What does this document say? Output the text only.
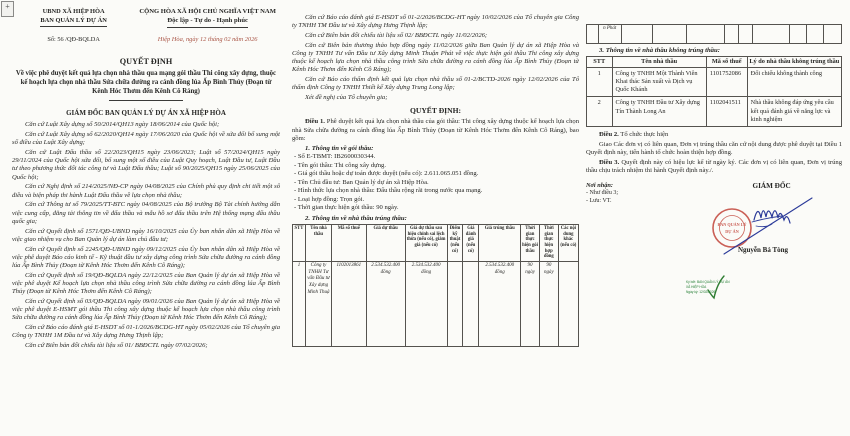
+
UBND XÃ HIỆP HÒA
BAN QUẢN LÝ DỰ ÁN
Số: 56 /QĐ-BQLDA
CỘNG HÒA XÃ HỘI CHỦ NGHĨA VIỆT NAM
Độc lập - Tự do - Hạnh phúc
Hiệp Hòa, ngày 12 tháng 02 năm 2026
QUYẾT ĐỊNH
Về việc phê duyệt kết quả lựa chọn nhà thầu qua mạng gói thầu Thi công xây dựng, thuộc kế hoạch lựa chọn nhà thầu Sửa chữa đường ra cánh đồng lúa Ấp Bình Thủy (Đoạn từ Kênh Hóc Thơm đến Kênh Cô Ráng)
GIÁM ĐỐC BAN QUẢN LÝ DỰ ÁN XÃ HIỆP HÒA

Căn cứ Luật Xây dựng số 50/2014/QH13 ngày 18/06/2014 của Quốc hội;

Căn cứ Luật Xây dựng số 62/2020/QH14 ngày 17/06/2020 của Quốc hội về sửa đổi bổ sung một số điều của Luật Xây dựng;

Căn cứ Luật Đấu thầu số 22/2023/QH15 ngày 23/06/2023; Luật số 57/2024/QH15 ngày 29/11/2024 của Quốc hội sửa đổi, bổ sung một số điều của Luật Quy hoạch, Luật Đầu tư, Luật Đầu tư theo phương thức đối tác công tư và Luật Đấu thầu; Luật số 90/2025/QH15 ngày 25/06/2025 của Quốc hội;

Căn cứ Nghị định số 214/2025/NĐ-CP ngày 04/08/2025 của Chính phủ quy định chi tiết một số điều và biện pháp thi hành Luật Đấu thầu về lựa chọn nhà thầu;

Căn cứ Thông tư số 79/2025/TT-BTC ngày 04/08/2025 của Bộ trưởng Bộ Tài chính hướng dẫn việc cung cấp, đăng tải thông tin về đấu thầu và mẫu hồ sơ đấu thầu trên Hệ thống mạng đấu thầu quốc gia;

Căn cứ Quyết định số 1571/QĐ-UBND ngày 16/10/2025 của Ủy ban nhân dân xã Hiệp Hòa về việc giao nhiệm vụ cho Ban Quản lý dự án làm chủ đầu tư;

Căn cứ Quyết định số 2245/QĐ-UBND ngày 09/12/2025 của Ủy ban nhân dân xã Hiệp Hòa về việc phê duyệt Báo cáo kinh tế - Kỹ thuật đầu tư xây dựng công trình Sửa chữa đường ra cánh đồng lúa Ấp Bình Thủy (Đoạn từ Kênh Hóc Thơm đến Kênh Cô Ráng);

Căn cứ Quyết định số 19/QĐ-BQLDA ngày 22/12/2025 của Ban Quản lý dự án xã Hiệp Hòa về việc phê duyệt Kế hoạch lựa chọn nhà thầu công trình Sửa chữa đường ra cánh đồng lúa Ấp Bình Thủy (Đoạn từ Kênh Hóc Thơm đến Kênh Cô Ráng);

Căn cứ Quyết định số 03/QĐ-BQLDA ngày 09/01/2026 của Ban Quản lý dự án xã Hiệp Hòa về việc phê duyệt E-HSMT gói thầu Thi công xây dựng thuộc kế hoạch lựa chọn nhà thầu công trình Sửa chữa đường ra cánh đồng lúa Ấp Bình Thủy (Đoạn từ Kênh Hóc Thơm đến Kênh Cô Ráng);

Căn cứ Báo cáo đánh giá E-HSDT số 01-1/2026/BCDG-HT ngày 05/02/2026 của Tổ chuyên gia Công ty TNHH 1M Đầu tư và Xây dựng Hưng Thịnh lập;

Căn cứ Biên bản đối chiếu tài liệu số 01/ BBĐCTL ngày 07/02/2026;

Căn cứ Báo cáo đánh giá E-HSDT số 01-2/2026/BCDG-HT ngày 10/02/2026 của Tổ chuyên gia Công ty TNHH TM Đầu tư và Xây dựng Hưng Thịnh lập;

Căn cứ Biên bản đối chiếu tài liệu số 02/ BBĐCTL ngày 11/02/2026;

Căn cứ Biên bản thương thảo hợp đồng ngày 11/02/2026 giữa Ban Quản lý dự án xã Hiệp Hòa và Công ty TNHH Tư vấn Đầu tư Xây dựng Minh Thuận Phát về việc thực hiện gói thầu Thi công xây dựng thuộc kế hoạch lựa chọn nhà thầu công trình Sửa chữa đường ra cánh đồng lúa Ấp Bình Thủy (Đoạn từ Kênh Hóc Thơm đến Kênh Cô Ráng);

Căn cứ Báo cáo thẩm định kết quả lựa chọn nhà thầu số 01-2/BCTD-2026 ngày 12/02/2026 của Tổ thẩm định Công ty TNHH Thiết kế Xây dựng Trung Long lập;

Xét đề nghị của Tổ chuyên gia;

QUYẾT ĐỊNH:

Điều 1. Phê duyệt kết quả lựa chọn nhà thầu của gói thầu: Thi công xây dựng thuộc kế hoạch lựa chọn nhà Sửa chữa đường ra cánh đồng lúa Ấp Bình Thủy (Đoạn từ Kênh Hóc Thơm đến Kênh Cô Ráng), bao gồm:

1. Thông tin về gói thầu:

- Số E-TBMT: IB2600030344.

- Tên gói thầu: Thi công xây dựng.

- Giá gói thầu hoặc dự toán được duyệt (nếu có): 2.611.065.051 đồng.

- Tên Chủ đầu tư: Ban Quản lý dự án xã Hiệp Hòa.

- Hình thức lựa chọn nhà thầu: Đấu thầu rộng rãi trong nước qua mạng.

- Loại hợp đồng: Trọn gói.

- Thời gian thực hiện gói thầu: 90 ngày.

2. Thông tin về nhà thầu trúng thầu:
STT	Tên nhà thầu	Mã số thuế	Giá dự thầu	Giá dự thầu sau hiệu chỉnh sai lệch thừa (nếu có), giảm giá (nếu có)	Điểm kỹ thuật (nếu có)	Giá đánh giá (nếu có)	Giá trúng thầu	Thời gian thực hiện gói thầu	Thời gian thực hiện hợp đồng	Các nội dung khác (nếu có)
1	Công ty TNHH Tư vấn Đầu tư Xây dựng Minh Thuậ	1102013861	2.534.532.400 đồng	2.534.532.400 đồng			2.534.532.400 đồng	90 ngày	90 ngày	
	n Phát									
3. Thông tin về nhà thầu không trúng thầu:
STT	Tên nhà thầu	Mã số thuế	Lý do nhà thầu không trúng thầu
1	Công ty TNHH Một Thành Viên Khai thác Sản xuất và Dịch vụ Quốc Khánh	1101752086	Đối chiếu không thành công
2	Công ty TNHH Đầu tư Xây dựng Tín Thành Long An	1102041511	Nhà thầu không đáp ứng yêu cầu kết quả đánh giá về năng lực và kinh nghiệm

Điều 2. Tổ chức thực hiện

Giao Các đơn vị có liên quan, Đơn vị trúng thầu căn cứ nội dung được phê duyệt tại Điều 1 Quyết định này, tiến hành tổ chức hoàn thiện hợp đồng.

Điều 3. Quyết định này có hiệu lực kể từ ngày ký. Các đơn vị có liên quan, Đơn vị trúng thầu chịu trách nhiệm thi hành Quyết định này./.

Nơi nhận:
- Như điều 3;
- Lưu: VT.
GIÁM ĐỐC
BAN QUẢN LÝ
DỰ ÁN
Nguyễn Bá Tòng
Ký bởi: BAN QUẢN LÝ DỰ ÁN
XÃ HIỆP HÒA
Ngày ký: 12/02/2026
